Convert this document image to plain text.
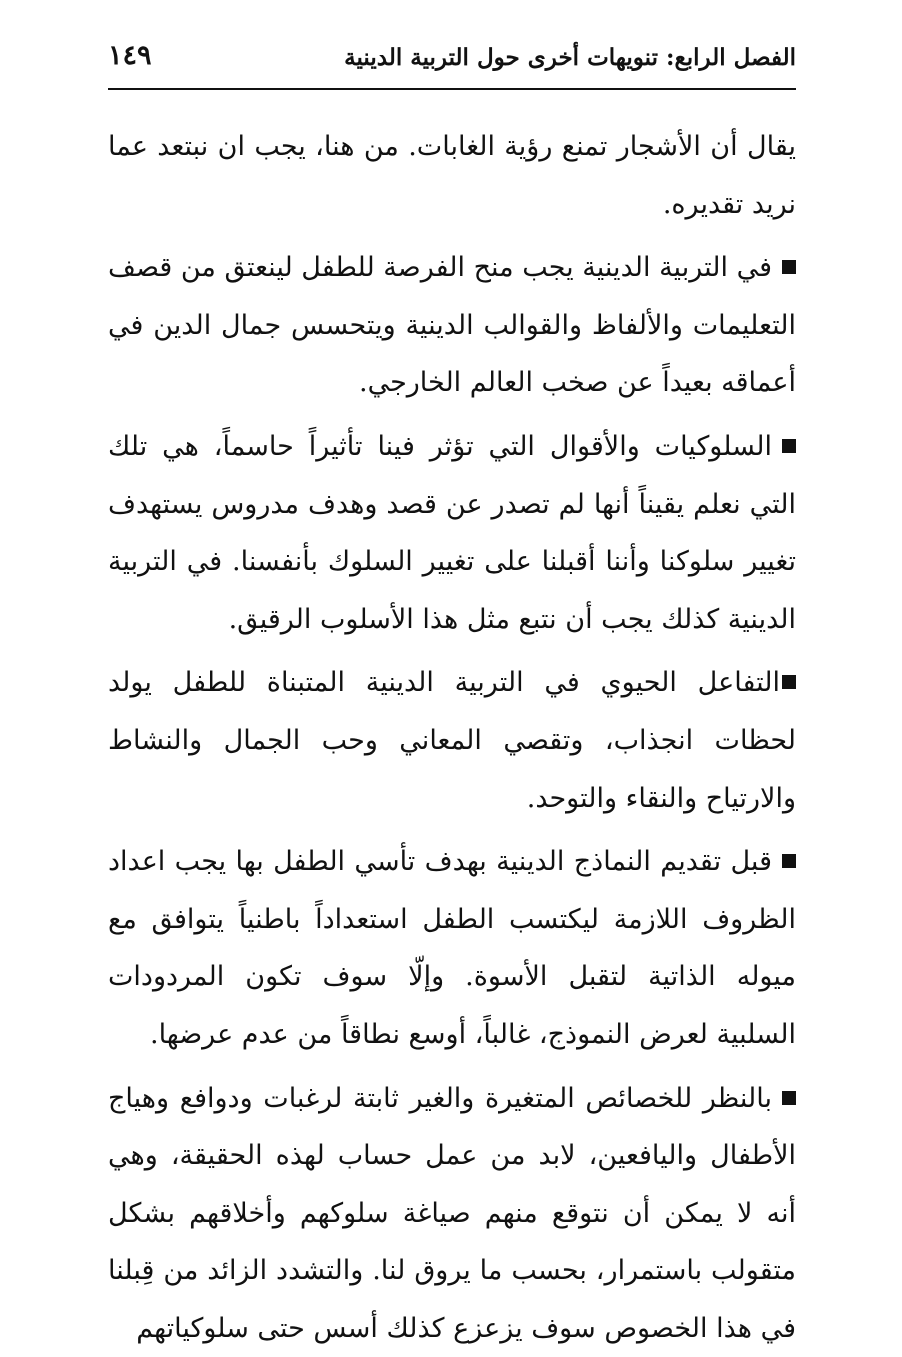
الفصل الرابع: تنويهات أخرى حول التربية الدينية
١٤٩

يقال أن الأشجار تمنع رؤية الغابات. من هنا، يجب ان نبتعد عما نريد تقديره.

في التربية الدينية يجب منح الفرصة للطفل لينعتق من قصف التعليمات والألفاظ والقوالب الدينية ويتحسس جمال الدين في أعماقه بعيداً عن صخب العالم الخارجي.

السلوكيات والأقوال التي تؤثر فينا تأثيراً حاسماً، هي تلك التي نعلم يقيناً أنها لم تصدر عن قصد وهدف مدروس يستهدف تغيير سلوكنا وأننا أقبلنا على تغيير السلوك بأنفسنا. في التربية الدينية كذلك يجب أن نتبع مثل هذا الأسلوب الرقيق.

التفاعل الحيوي في التربية الدينية المتبناة للطفل يولد لحظات انجذاب، وتقصي المعاني وحب الجمال والنشاط والارتياح والنقاء والتوحد.

قبل تقديم النماذج الدينية بهدف تأسي الطفل بها يجب اعداد الظروف اللازمة ليكتسب الطفل استعداداً باطنياً يتوافق مع ميوله الذاتية لتقبل الأسوة. وإلّا سوف تكون المردودات السلبية لعرض النموذج، غالباً، أوسع نطاقاً من عدم عرضها.

بالنظر للخصائص المتغيرة والغير ثابتة لرغبات ودوافع وهياج الأطفال واليافعين، لابد من عمل حساب لهذه الحقيقة، وهي أنه لا يمكن أن نتوقع منهم صياغة سلوكهم وأخلاقهم بشكل متقولب باستمرار، بحسب ما يروق لنا. والتشدد الزائد من قِبلنا في هذا الخصوص سوف يزعزع كذلك أسس حتى سلوكياتهم
